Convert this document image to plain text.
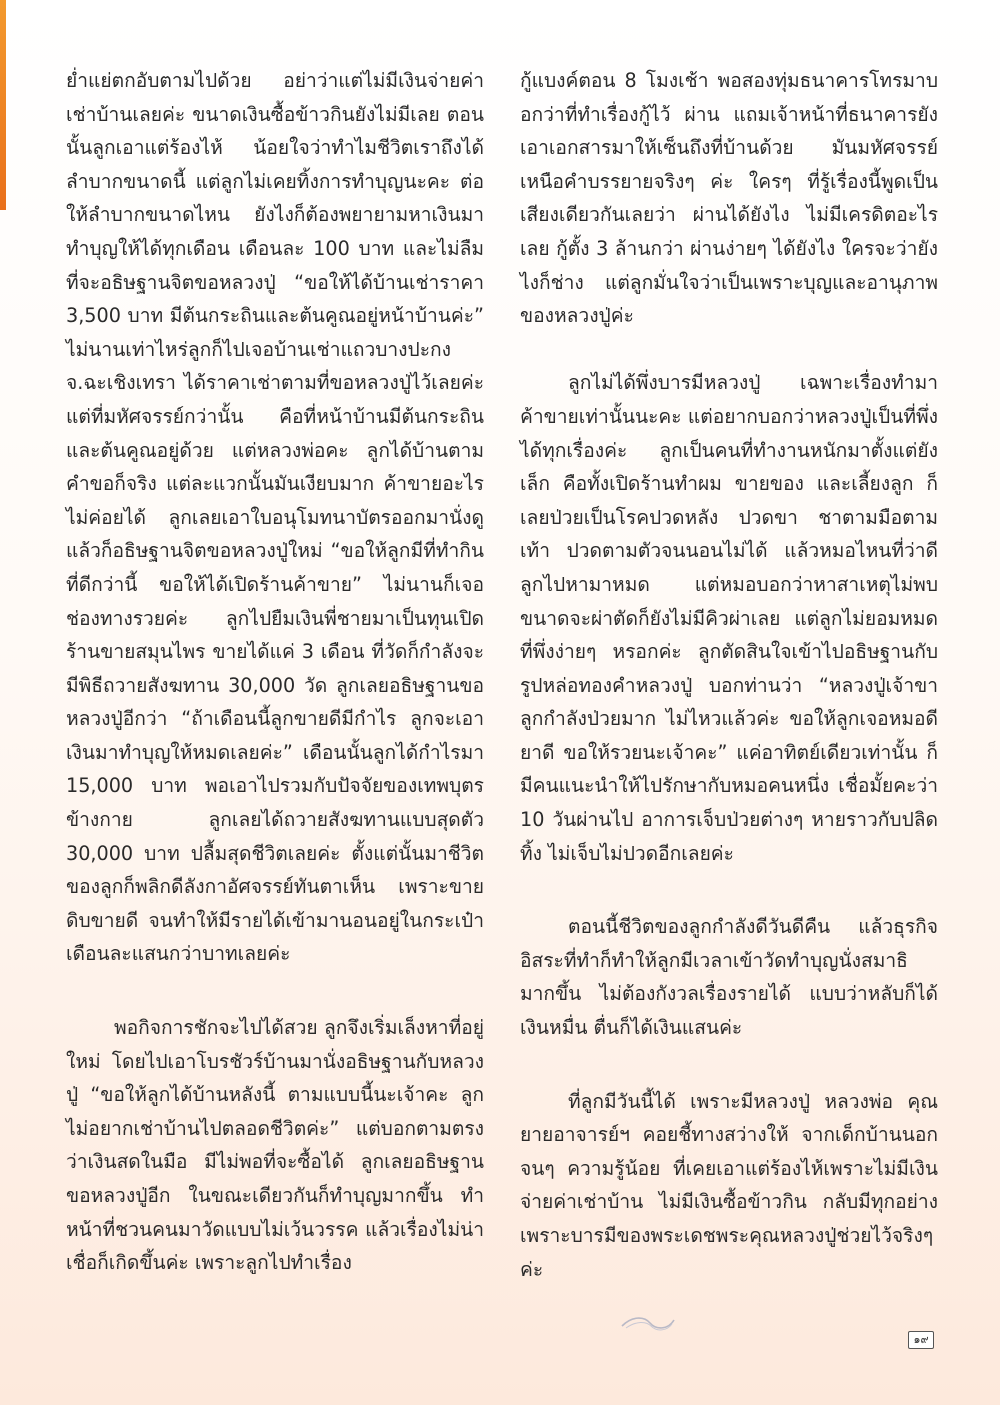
ย่ำแย่ตกอับตามไปด้วย อย่าว่าแต่ไม่มีเงินจ่ายค่าเช่าบ้านเลยค่ะ ขนาดเงินซื้อข้าวกินยังไม่มีเลย ตอนนั้นลูกเอาแต่ร้องไห้ น้อยใจว่าทำไมชีวิตเราถึงได้ลำบากขนาดนี้ แต่ลูกไม่เคยทิ้งการทำบุญนะคะ ต่อให้ลำบากขนาดไหน ยังไงก็ต้องพยายามหาเงินมาทำบุญให้ได้ทุกเดือน เดือนละ 100 บาท และไม่ลืมที่จะอธิษฐานจิตขอหลวงปู่ “ขอให้ได้บ้านเช่าราคา 3,500 บาท มีต้นกระถินและต้นคูณอยู่หน้าบ้านค่ะ” ไม่นานเท่าไหร่ลูกก็ไปเจอบ้านเช่าแถวบางปะกง จ.ฉะเชิงเทรา ได้ราคาเช่าตามที่ขอหลวงปู่ไว้เลยค่ะ แต่ที่มหัศจรรย์กว่านั้น คือที่หน้าบ้านมีต้นกระถินและต้นคูณอยู่ด้วย แต่หลวงพ่อคะ ลูกได้บ้านตามคำขอก็จริง แต่ละแวกนั้นมันเงียบมาก ค้าขายอะไรไม่ค่อยได้ ลูกเลยเอาใบอนุโมทนาบัตรออกมานั่งดู แล้วก็อธิษฐานจิตขอหลวงปู่ใหม่ “ขอให้ลูกมีที่ทำกินที่ดีกว่านี้ ขอให้ได้เปิดร้านค้าขาย” ไม่นานก็เจอช่องทางรวยค่ะ ลูกไปยืมเงินพี่ชายมาเป็นทุนเปิดร้านขายสมุนไพร ขายได้แค่ 3 เดือน ที่วัดก็กำลังจะมีพิธีถวายสังฆทาน 30,000 วัด ลูกเลยอธิษฐานขอหลวงปู่อีกว่า “ถ้าเดือนนี้ลูกขายดีมีกำไร ลูกจะเอาเงินมาทำบุญให้หมดเลยค่ะ” เดือนนั้นลูกได้กำไรมา 15,000 บาท พอเอาไปรวมกับปัจจัยของเทพบุตรข้างกาย ลูกเลยได้ถวายสังฆทานแบบสุดตัว 30,000 บาท ปลื้มสุดชีวิตเลยค่ะ ตั้งแต่นั้นมาชีวิตของลูกก็พลิกดีลังกาอัศจรรย์ทันตาเห็น เพราะขายดิบขายดี จนทำให้มีรายได้เข้ามานอนอยู่ในกระเป๋า เดือนละแสนกว่าบาทเลยค่ะ

พอกิจการชักจะไปได้สวย ลูกจึงเริ่มเล็งหาที่อยู่ใหม่ โดยไปเอาโบรชัวร์บ้านมานั่งอธิษฐานกับหลวงปู่ “ขอให้ลูกได้บ้านหลังนี้ ตามแบบนี้นะเจ้าคะ ลูกไม่อยากเช่าบ้านไปตลอดชีวิตค่ะ” แต่บอกตามตรงว่าเงินสดในมือ มีไม่พอที่จะซื้อได้ ลูกเลยอธิษฐานขอหลวงปู่อีก ในขณะเดียวกันก็ทำบุญมากขึ้น ทำหน้าที่ชวนคนมาวัดแบบไม่เว้นวรรค แล้วเรื่องไม่น่าเชื่อก็เกิดขึ้นค่ะ เพราะลูกไปทำเรื่อง

กู้แบงค์ตอน 8 โมงเช้า พอสองทุ่มธนาคารโทรมาบอกว่าที่ทำเรื่องกู้ไว้ ผ่าน แถมเจ้าหน้าที่ธนาคารยังเอาเอกสารมาให้เซ็นถึงที่บ้านด้วย มันมหัศจรรย์เหนือคำบรรยายจริงๆ ค่ะ ใครๆ ที่รู้เรื่องนี้พูดเป็นเสียงเดียวกันเลยว่า ผ่านได้ยังไง ไม่มีเครดิตอะไรเลย กู้ตั้ง 3 ล้านกว่า ผ่านง่ายๆ ได้ยังไง ใครจะว่ายังไงก็ช่าง แต่ลูกมั่นใจว่าเป็นเพราะบุญและอานุภาพของหลวงปู่ค่ะ

ลูกไม่ได้พึ่งบารมีหลวงปู่ เฉพาะเรื่องทำมาค้าขายเท่านั้นนะคะ แต่อยากบอกว่าหลวงปู่เป็นที่พึ่งได้ทุกเรื่องค่ะ ลูกเป็นคนที่ทำงานหนักมาตั้งแต่ยังเล็ก คือทั้งเปิดร้านทำผม ขายของ และเลี้ยงลูก ก็เลยป่วยเป็นโรคปวดหลัง ปวดขา ชาตามมือตามเท้า ปวดตามตัวจนนอนไม่ได้ แล้วหมอไหนที่ว่าดี ลูกไปหามาหมด แต่หมอบอกว่าหาสาเหตุไม่พบ ขนาดจะผ่าตัดก็ยังไม่มีคิวผ่าเลย แต่ลูกไม่ยอมหมดที่พึ่งง่ายๆ หรอกค่ะ ลูกตัดสินใจเข้าไปอธิษฐานกับรูปหล่อทองคำหลวงปู่ บอกท่านว่า “หลวงปู่เจ้าขา ลูกกำลังป่วยมาก ไม่ไหวแล้วค่ะ ขอให้ลูกเจอหมอดี ยาดี ขอให้รวยนะเจ้าคะ” แค่อาทิตย์เดียวเท่านั้น ก็มีคนแนะนำให้ไปรักษากับหมอคนหนึ่ง เชื่อมั้ยคะว่า 10 วันผ่านไป อาการเจ็บป่วยต่างๆ หายราวกับปลิดทิ้ง ไม่เจ็บไม่ปวดอีกเลยค่ะ

ตอนนี้ชีวิตของลูกกำลังดีวันดีคืน แล้วธุรกิจอิสระที่ทำก็ทำให้ลูกมีเวลาเข้าวัดทำบุญนั่งสมาธิมากขึ้น ไม่ต้องกังวลเรื่องรายได้ แบบว่าหลับก็ได้เงินหมื่น ตื่นก็ได้เงินแสนค่ะ

ที่ลูกมีวันนี้ได้ เพราะมีหลวงปู่ หลวงพ่อ คุณยายอาจารย์ฯ คอยชี้ทางสว่างให้ จากเด็กบ้านนอกจนๆ ความรู้น้อย ที่เคยเอาแต่ร้องไห้เพราะไม่มีเงินจ่ายค่าเช่าบ้าน ไม่มีเงินซื้อข้าวกิน กลับมีทุกอย่างเพราะบารมีของพระเดชพระคุณหลวงปู่ช่วยไว้จริงๆ ค่ะ

๑๙
